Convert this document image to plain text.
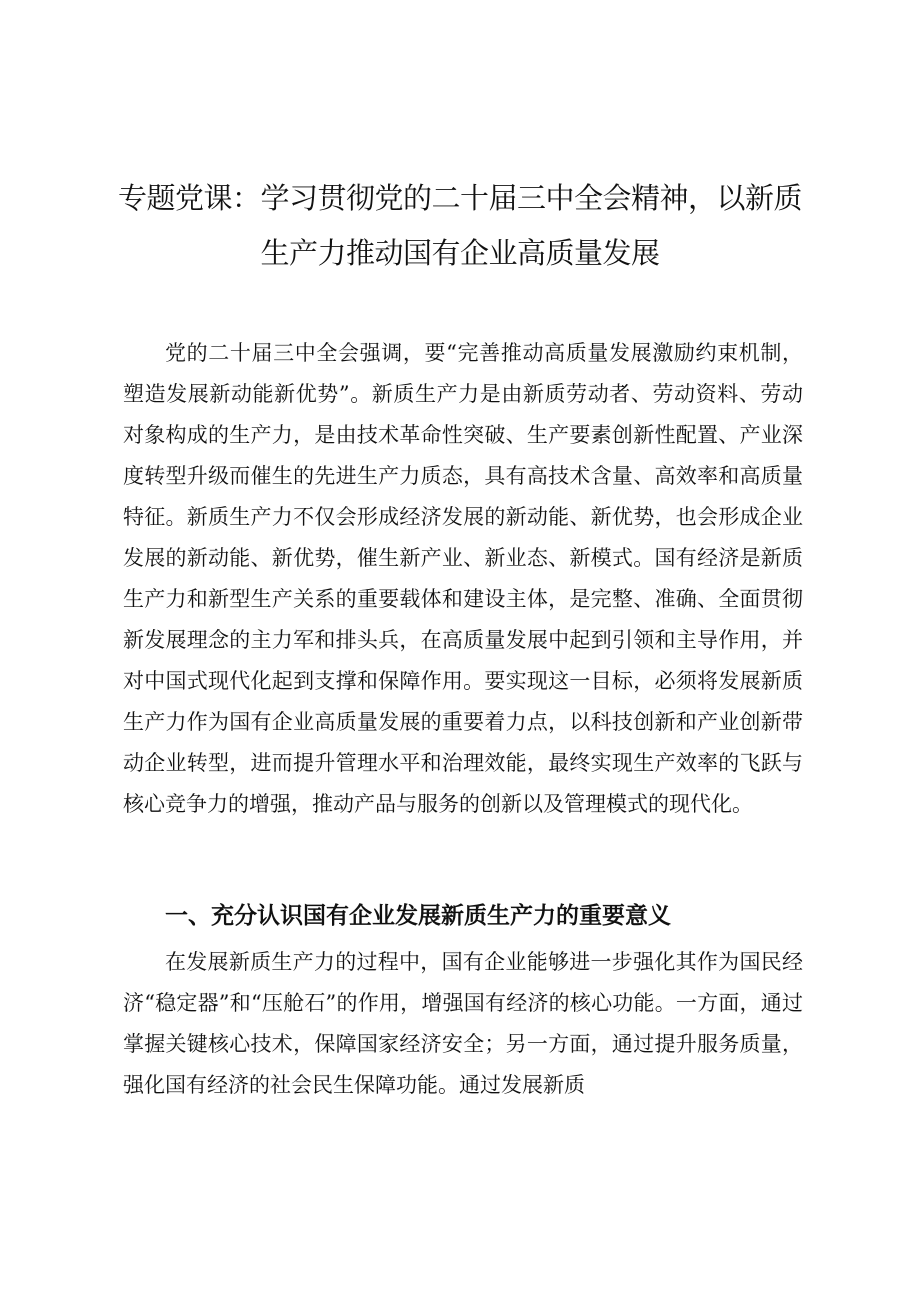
专题党课：学习贯彻党的二十届三中全会精神，以新质
生产力推动国有企业高质量发展

党的二十届三中全会强调，要“完善推动高质量发展激励约束机制，塑造发展新动能新优势”。新质生产力是由新质劳动者、劳动资料、劳动对象构成的生产力，是由技术革命性突破、生产要素创新性配置、产业深度转型升级而催生的先进生产力质态，具有高技术含量、高效率和高质量特征。新质生产力不仅会形成经济发展的新动能、新优势，也会形成企业发展的新动能、新优势，催生新产业、新业态、新模式。国有经济是新质生产力和新型生产关系的重要载体和建设主体，是完整、准确、全面贯彻新发展理念的主力军和排头兵，在高质量发展中起到引领和主导作用，并对中国式现代化起到支撑和保障作用。要实现这一目标，必须将发展新质生产力作为国有企业高质量发展的重要着力点，以科技创新和产业创新带动企业转型，进而提升管理水平和治理效能，最终实现生产效率的飞跃与核心竞争力的增强，推动产品与服务的创新以及管理模式的现代化。

一、充分认识国有企业发展新质生产力的重要意义

在发展新质生产力的过程中，国有企业能够进一步强化其作为国民经济“稳定器”和“压舱石”的作用，增强国有经济的核心功能。一方面，通过掌握关键核心技术，保障国家经济安全；另一方面，通过提升服务质量，强化国有经济的社会民生保障功能。通过发展新质
